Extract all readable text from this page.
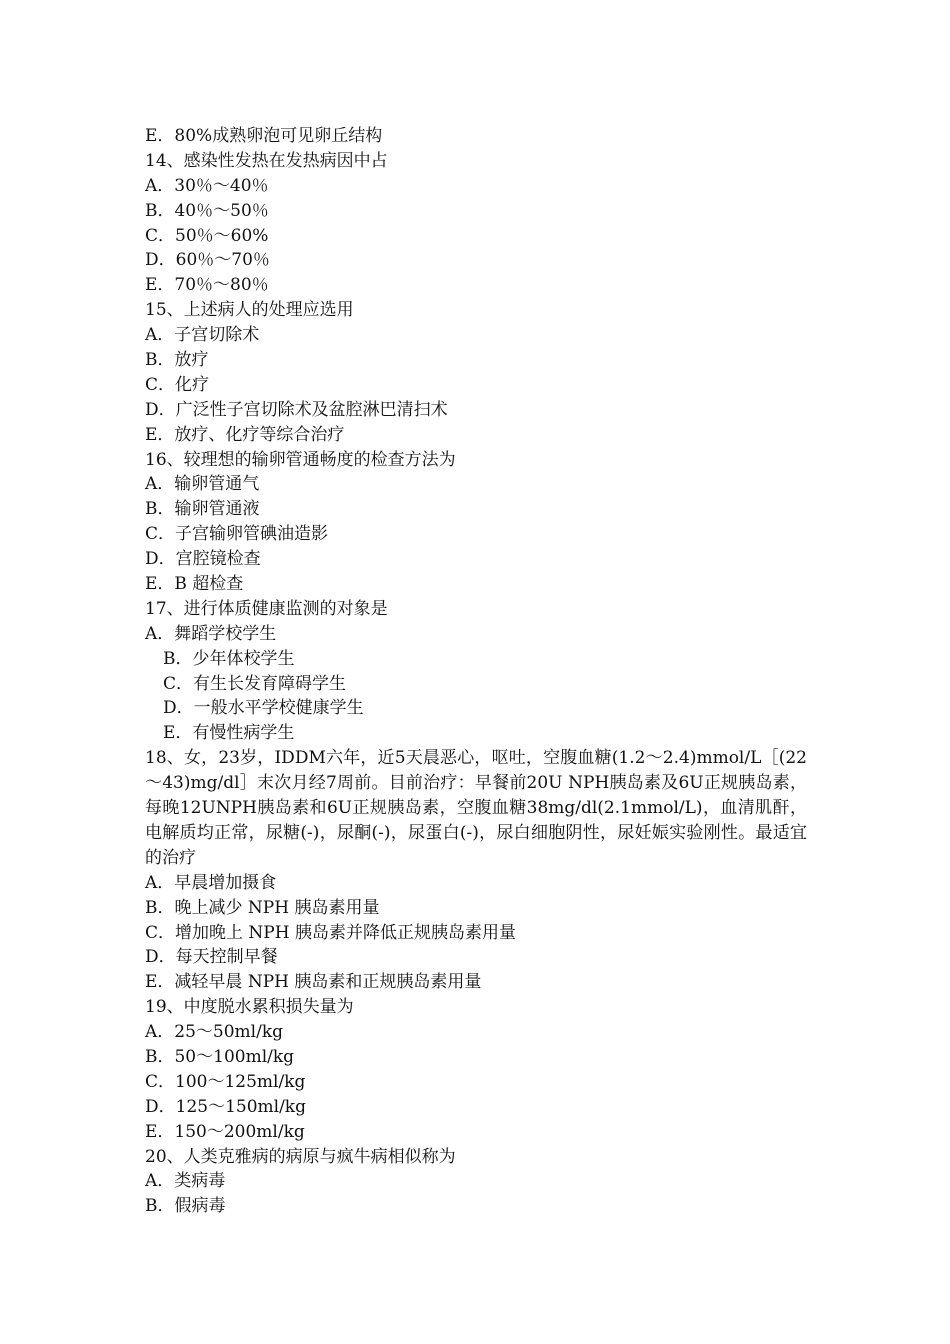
E．80%成熟卵泡可见卵丘结构
14、感染性发热在发热病因中占
A．30％～40％
B．40％～50％
C．50％～60%
D．60％～70％
E．70％～80％
15、上述病人的处理应选用
A．子宫切除术
B．放疗
C．化疗
D．广泛性子宫切除术及盆腔淋巴清扫术
E．放疗、化疗等综合治疗
16、较理想的输卵管通畅度的检查方法为
A．输卵管通气
B．输卵管通液
C．子宫输卵管碘油造影
D．宫腔镜检查
E．B 超检查
17、进行体质健康监测的对象是
A．舞蹈学校学生
B．少年体校学生
C．有生长发育障碍学生
D．一般水平学校健康学生
E．有慢性病学生
18、女，23岁，IDDM六年，近5天晨恶心，呕吐，空腹血糖(1.2～2.4)mmol/L［(22～43)mg/dl］末次月经7周前。目前治疗：早餐前20U NPH胰岛素及6U正规胰岛素，每晚12UNPH胰岛素和6U正规胰岛素，空腹血糖38mg/dl(2.1mmol/L)，血清肌酐，电解质均正常，尿糖(-)，尿酮(-)，尿蛋白(-)，尿白细胞阴性，尿妊娠实验刚性。最适宜的治疗
A．早晨增加摄食
B．晚上减少 NPH 胰岛素用量
C．增加晚上 NPH 胰岛素并降低正规胰岛素用量
D．每天控制早餐
E．减轻早晨 NPH 胰岛素和正规胰岛素用量
19、中度脱水累积损失量为
A．25～50ml/kg
B．50～100ml/kg
C．100～125ml/kg
D．125～150ml/kg
E．150～200ml/kg
20、人类克雅病的病原与疯牛病相似称为
A．类病毒
B．假病毒
